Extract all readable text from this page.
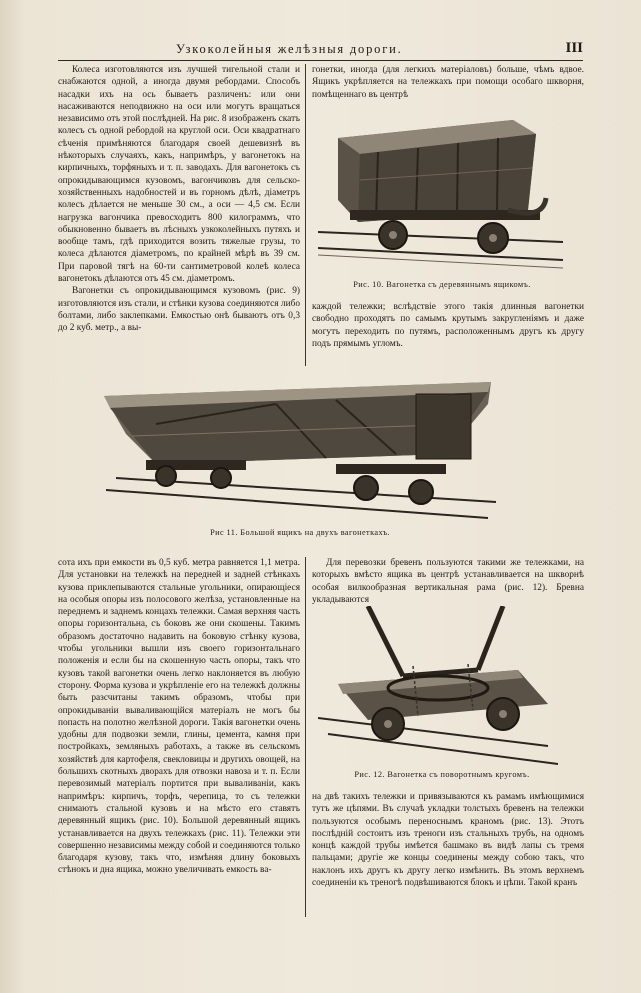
Узкоколейныя желѣзныя дороги.	III

Колеса изготовляются изъ лучшей тигельной стали и снабжаются одной, а иногда двумя ребордами. Способъ насадки ихъ на ось бываетъ различенъ: или они насаживаются неподвижно на оси или могутъ вращаться независимо отъ этой послѣдней. На рис. 8 изображенъ скатъ колесъ съ одной ребордой на круглой оси. Оси квадратнаго сѣченія примѣняются благодаря своей дешевизнѣ въ нѣкоторыхъ случаяхъ, какъ, напримѣръ, у вагонетокъ на кирпичныхъ, торфяныхъ и т. п. заводахъ. Для вагонетокъ съ опрокидывающимся кузовомъ, вагончиковъ для сельско-хозяйственныхъ надобностей и въ горномъ дѣлѣ, діаметръ колесъ дѣлается не меньше 30 см., а оси — 4,5 см. Если нагрузка вагончика превосходитъ 800 килограммъ, что обыкновенно бываетъ въ лѣсныхъ узкоколейныхъ путяхъ и вообще тамъ, гдѣ приходится возить тяжелые грузы, то колеса дѣлаются діаметромъ, по крайней мѣрѣ въ 39 см. При паровой тягѣ на 60-ти сантиметровой колеѣ колеса вагонетокъ дѣлаются отъ 45 см. діаметромъ.

Вагонетки съ опрокидывающимся кузовомъ (рис. 9) изготовляются изъ стали, и стѣнки кузова соединяются либо болтами, либо заклепками. Емкостью онѣ бываютъ отъ 0,3 до 2 куб. метр., а вы-

гонетки, иногда (для легкихъ матеріаловъ) больше, чѣмъ вдвое. Ящикъ укрѣпляется на тележкахъ при помощи особаго шкворня, помѣщеннаго въ центрѣ

Рис. 10. Вагонетка съ деревяннымъ ящикомъ.

каждой тележки; вслѣдствіе этого такія длинныя вагонетки свободно проходятъ по самымъ крутымъ закругленіямъ и даже могутъ переходить по путямъ, расположеннымъ другъ къ другу подъ прямымъ угломъ.

Рис 11. Большой ящикъ на двухъ вагонеткахъ.

сота ихъ при емкости въ 0,5 куб. метра равняется 1,1 метра. Для установки на тележкѣ на передней и задней стѣнкахъ кузова приклепываются стальные угольники, опирающіеся на особыя опоры изъ полосового желѣза, установленные на переднемъ и заднемъ концахъ тележки. Самая верхняя часть опоры горизонтальна, съ боковъ же они скошены. Такимъ образомъ достаточно надавить на боковую стѣнку кузова, чтобы угольники вышли изъ своего горизонтальнаго положенія и если бы на скошенную часть опоры, такъ что кузовъ такой вагонетки очень легко наклоняется въ любую сторону. Форма кузова и укрѣпленіе его на тележкѣ должны быть разсчитаны такимъ образомъ, чтобы при опрокидываніи вываливающійся матеріалъ не могъ бы попасть на полотно желѣзной дороги. Такія вагонетки очень удобны для подвозки земли, глины, цемента, камня при постройкахъ, земляныхъ работахъ, а также въ сельскомъ хозяйствѣ для картофеля, свекловицы и другихъ овощей, на большихъ скотныхъ дворахъ для отвозки навоза и т. п. Если перевозимый матеріалъ портится при вываливаніи, какъ напримѣръ: кирпичъ, торфъ, черепица, то съ тележки снимаютъ стальной кузовъ и на мѣсто его ставятъ деревянный ящикъ (рис. 10). Большой деревянный ящикъ устанавливается на двухъ тележкахъ (рис. 11). Тележки эти совершенно независимы между собой и соединяются только благодаря кузову, такъ что, измѣняя длину боковыхъ стѣнокъ и дна ящика, можно увеличивать емкость ва-

Для перевозки бревенъ пользуются такими же тележками, на которыхъ вмѣсто ящика въ центрѣ устанавливается на шкворнѣ особая вилкообразная вертикальная рама (рис. 12). Бревна укладываются

Рис. 12. Вагонетка съ поворотнымъ кругомъ.

на двѣ такихъ тележки и привязываются къ рамамъ имѣющимися тутъ же цѣпями. Въ случаѣ укладки толстыхъ бревенъ на тележки пользуются особымъ переноснымъ краномъ (рис. 13). Этотъ послѣдній состоитъ изъ треноги изъ стальныхъ трубъ, на одномъ концѣ каждой трубы имѣется башмако въ видѣ лапы съ тремя пальцами; другіе же концы соединены между собою такъ, что наклонъ ихъ другъ къ другу легко измѣнить. Въ этомъ верхнемъ соединеніи къ треногѣ подвѣшиваются блокъ и цѣпи. Такой кранъ
